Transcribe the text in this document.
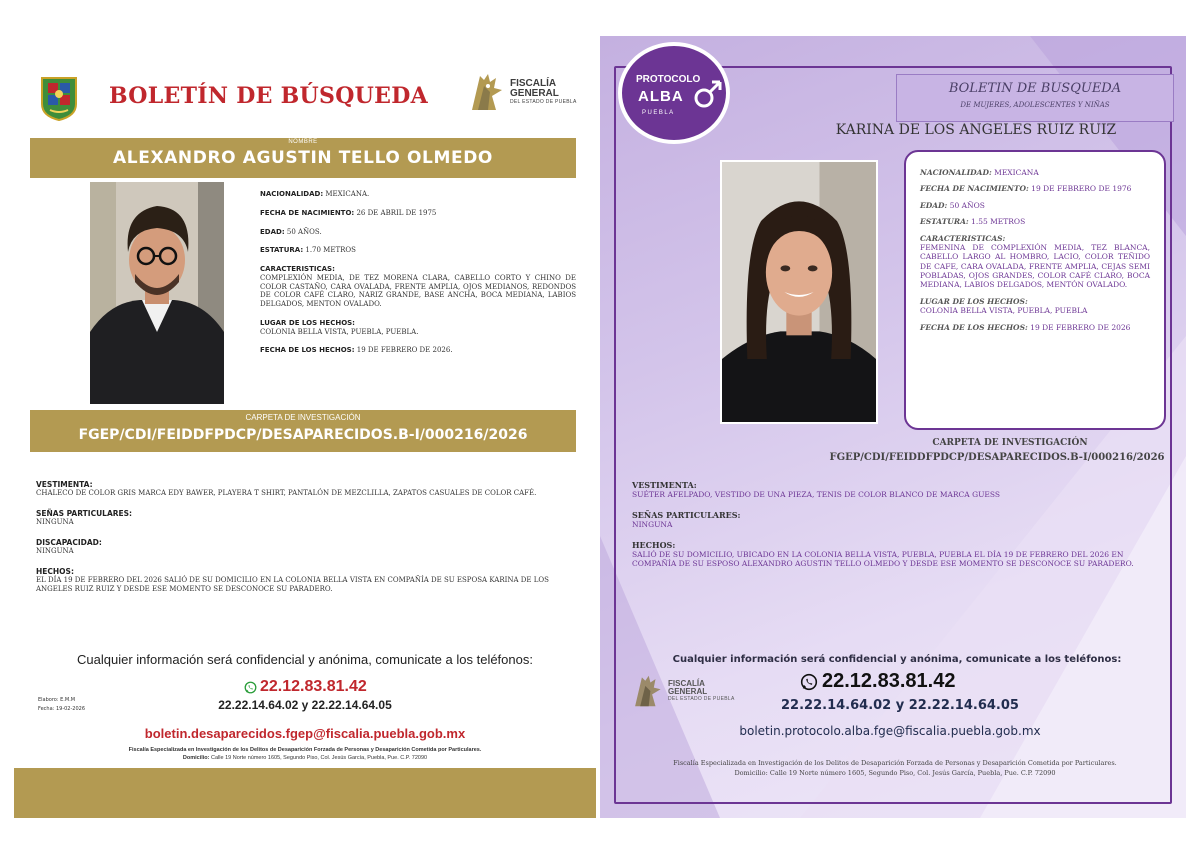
BOLETÍN DE BÚSQUEDA	FISCALÍA
GENERAL
DEL ESTADO DE PUEBLA
NOMBRE
ALEXANDRO AGUSTIN TELLO OLMEDO
NACIONALIDAD: MEXICANA.
FECHA DE NACIMIENTO: 26 DE ABRIL DE 1975
EDAD: 50 AÑOS.
ESTATURA: 1.70 METROS
CARACTERISTICAS:
COMPLEXIÓN MEDIA, DE TEZ MORENA CLARA, CABELLO CORTO Y CHINO DE COLOR CASTAÑO, CARA OVALADA, FRENTE AMPLIA, OJOS MEDIANOS, REDONDOS DE COLOR CAFÉ CLARO, NARIZ GRANDE, BASE ANCHA, BOCA MEDIANA, LABIOS DELGADOS, MENTON OVALADO.
LUGAR DE LOS HECHOS:
COLONIA BELLA VISTA, PUEBLA, PUEBLA.
FECHA DE LOS HECHOS: 19 DE FEBRERO DE 2026.
CARPETA DE INVESTIGACIÓN
FGEP/CDI/FEIDDFPDCP/DESAPARECIDOS.B-I/000216/2026
VESTIMENTA:
CHALECO DE COLOR GRIS MARCA EDY BAWER, PLAYERA T SHIRT, PANTALÓN DE MEZCLILLA, ZAPATOS CASUALES DE COLOR CAFÉ.
SEÑAS PARTICULARES:
NINGUNA
DISCAPACIDAD:
NINGUNA
HECHOS:
EL DÍA 19 DE FEBRERO DEL 2026 SALIÓ DE SU DOMICILIO EN LA COLONIA BELLA VISTA EN COMPAÑÍA DE SU ESPOSA KARINA DE LOS ANGELES RUIZ RUIZ Y DESDE ESE MOMENTO SE DESCONOCE SU PARADERO.
Cualquier información será confidencial y anónima, comunicate a los teléfonos:
22.12.83.81.42
22.22.14.64.02 y 22.22.14.64.05
Elaboro: E.M.M
Fecha: 19-02-2026
boletin.desaparecidos.fgep@fiscalia.puebla.gob.mx
Fiscalía Especializada en Investigación de los Delitos de Desaparición Forzada de Personas y Desaparición Cometida por Particulares.
Domicilio: Calle 19 Norte número 1605, Segundo Piso, Col. Jesús García, Puebla, Pue. C.P. 72090
PROTOCOLO
ALBA
PUEBLA
BOLETIN DE BUSQUEDA
DE MUJERES, ADOLESCENTES Y NIÑAS
KARINA DE LOS ANGELES RUIZ RUIZ
NACIONALIDAD: MEXICANA
FECHA DE NACIMIENTO: 19 DE FEBRERO DE 1976
EDAD: 50 AÑOS
ESTATURA: 1.55 METROS
CARACTERISTICAS:
FEMENINA DE COMPLEXIÓN MEDIA, TEZ BLANCA, CABELLO LARGO AL HOMBRO, LACIO, COLOR TEÑIDO DE CAFE, CARA OVALADA, FRENTE AMPLIA, CEJAS SEMI POBLADAS, OJOS GRANDES, COLOR CAFÉ CLARO, BOCA MEDIANA, LABIOS DELGADOS, MENTÓN OVALADO.
LUGAR DE LOS HECHOS:
COLONIA BELLA VISTA, PUEBLA, PUEBLA
FECHA DE LOS HECHOS: 19 DE FEBRERO DE 2026
CARPETA DE INVESTIGACIÓN
FGEP/CDI/FEIDDFPDCP/DESAPARECIDOS.B-I/000216/2026
VESTIMENTA:
SUÉTER AFELPADO, VESTIDO DE UNA PIEZA, TENIS DE COLOR BLANCO DE MARCA GUESS
SEÑAS PARTICULARES:
NINGUNA
HECHOS:
SALIÓ DE SU DOMICILIO, UBICADO EN LA COLONIA BELLA VISTA, PUEBLA, PUEBLA EL DÍA 19 DE FEBRERO DEL 2026 EN COMPAÑÍA DE SU ESPOSO ALEXANDRO AGUSTIN TELLO OLMEDO Y DESDE ESE MOMENTO SE DESCONOCE SU PARADERO.
Cualquier información será confidencial y anónima, comunicate a los teléfonos:
FISCALÍA
GENERAL
DEL ESTADO DE PUEBLA
22.12.83.81.42
22.22.14.64.02 y 22.22.14.64.05
boletin.protocolo.alba.fge@fiscalia.puebla.gob.mx
Fiscalía Especializada en Investigación de los Delitos de Desaparición Forzada de Personas y Desaparición Cometida por Particulares.
Domicilio: Calle 19 Norte número 1605, Segundo Piso, Col. Jesús García, Puebla, Pue. C.P. 72090
